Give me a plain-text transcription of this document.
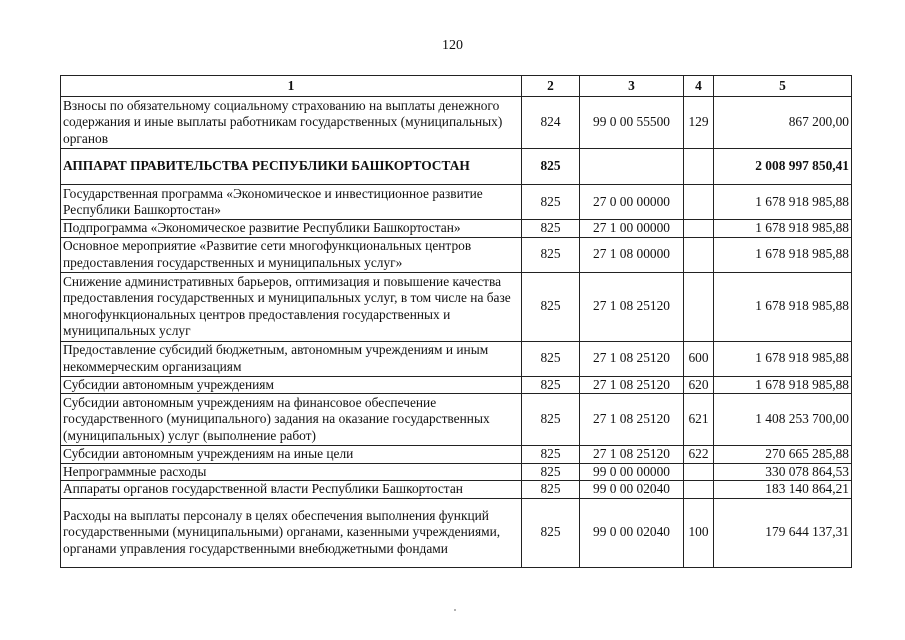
120
1	2	3	4	5
Взносы по обязательному социальному страхованию на выплаты денежного содержания и иные выплаты работникам государственных (муниципальных) органов	824	99 0 00 55500	129	867 200,00
АППАРАТ ПРАВИТЕЛЬСТВА РЕСПУБЛИКИ БАШКОРТОСТАН	825			2 008 997 850,41
Государственная программа «Экономическое и инвестиционное развитие Республики Башкортостан»	825	27 0 00 00000		1 678 918 985,88
Подпрограмма «Экономическое развитие Республики Башкортостан»	825	27 1 00 00000		1 678 918 985,88
Основное мероприятие «Развитие сети многофункциональных центров предоставления государственных и муниципальных услуг»	825	27 1 08 00000		1 678 918 985,88
Снижение административных барьеров, оптимизация и повышение качества предоставления государственных и муниципальных услуг, в том числе на базе многофункциональных центров предоставления государственных и муниципальных услуг	825	27 1 08 25120		1 678 918 985,88
Предоставление субсидий бюджетным, автономным учреждениям и иным некоммерческим организациям	825	27 1 08 25120	600	1 678 918 985,88
Субсидии автономным учреждениям	825	27 1 08 25120	620	1 678 918 985,88
Субсидии автономным учреждениям на финансовое обеспечение государственного (муниципального) задания на оказание государственных (муниципальных) услуг (выполнение работ)	825	27 1 08 25120	621	1 408 253 700,00
Субсидии автономным учреждениям на иные цели	825	27 1 08 25120	622	270 665 285,88
Непрограммные расходы	825	99 0 00 00000		330 078 864,53
Аппараты органов государственной власти Республики Башкортостан	825	99 0 00 02040		183 140 864,21
Расходы на выплаты персоналу в целях обеспечения выполнения функций государственными (муниципальными) органами, казенными учреждениями, органами управления государственными внебюджетными фондами	825	99 0 00 02040	100	179 644 137,31
